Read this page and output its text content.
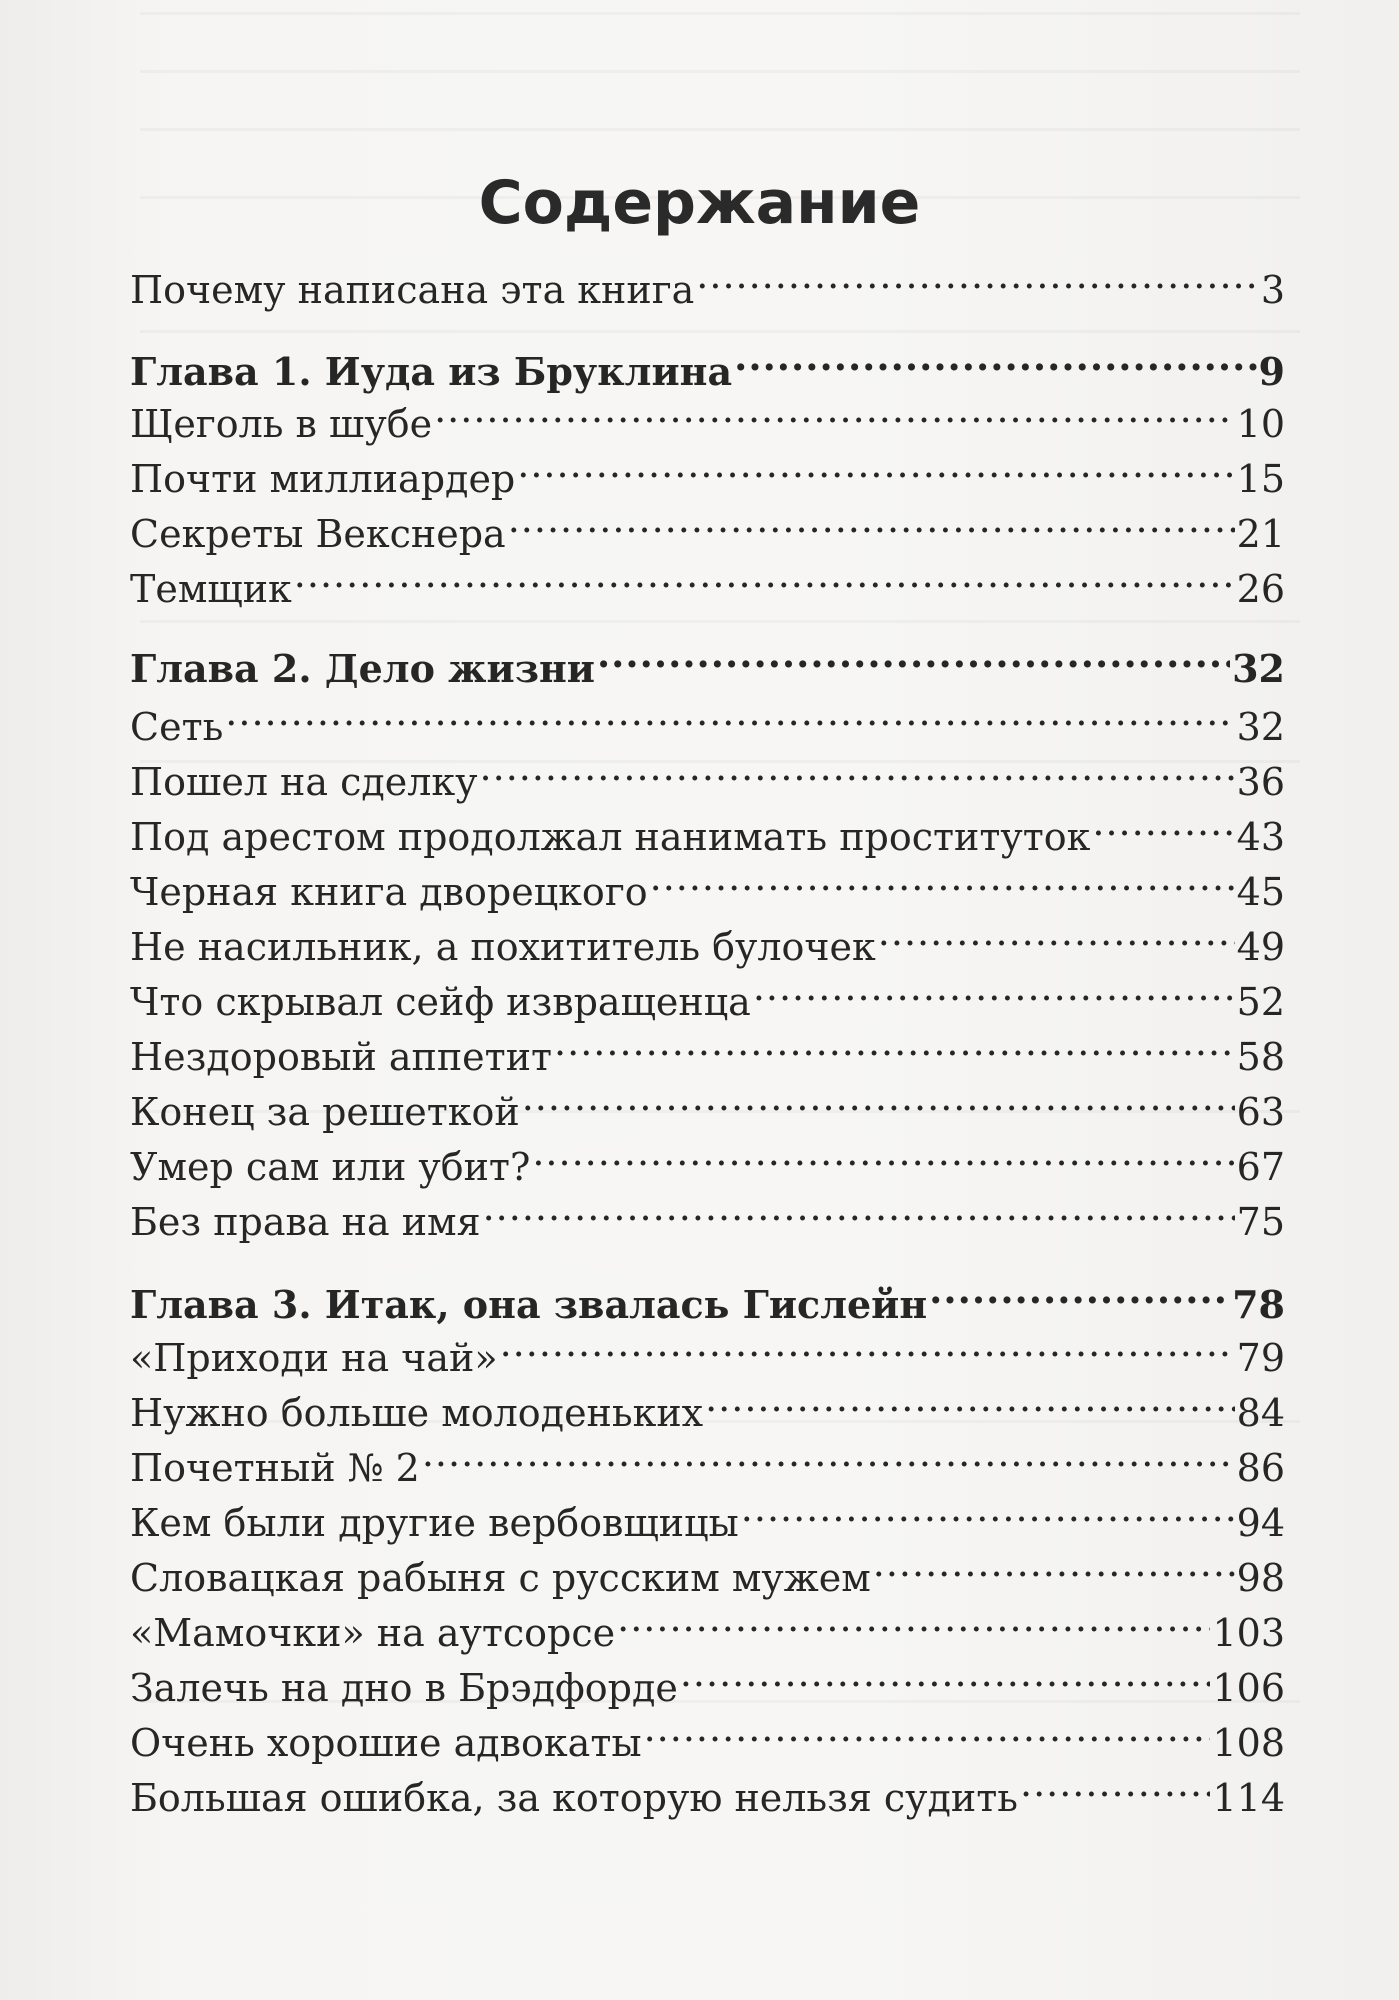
Содержание
Почему написана эта книга .....	3
Глава 1. Иуда из Бруклина .....	9
Щеголь в шубе .....	10
Почти миллиардер .....	15
Секреты Векснера .....	21
Темщик .....	26
Глава 2. Дело жизни .....	32
Сеть .....	32
Пошел на сделку .....	36
Под арестом продолжал нанимать проституток .....	43
Черная книга дворецкого .....	45
Не насильник, а похититель булочек .....	49
Что скрывал сейф извращенца .....	52
Нездоровый аппетит .....	58
Конец за решеткой .....	63
Умер сам или убит? .....	67
Без права на имя .....	75
Глава 3. Итак, она звалась Гислейн .....	78
«Приходи на чай» .....	79
Нужно больше молоденьких .....	84
Почетный № 2 .....	86
Кем были другие вербовщицы .....	94
Словацкая рабыня с русским мужем .....	98
«Мамочки» на аутсорсе .....	103
Залечь на дно в Брэдфорде .....	106
Очень хорошие адвокаты .....	108
Большая ошибка, за которую нельзя судить .....	114
